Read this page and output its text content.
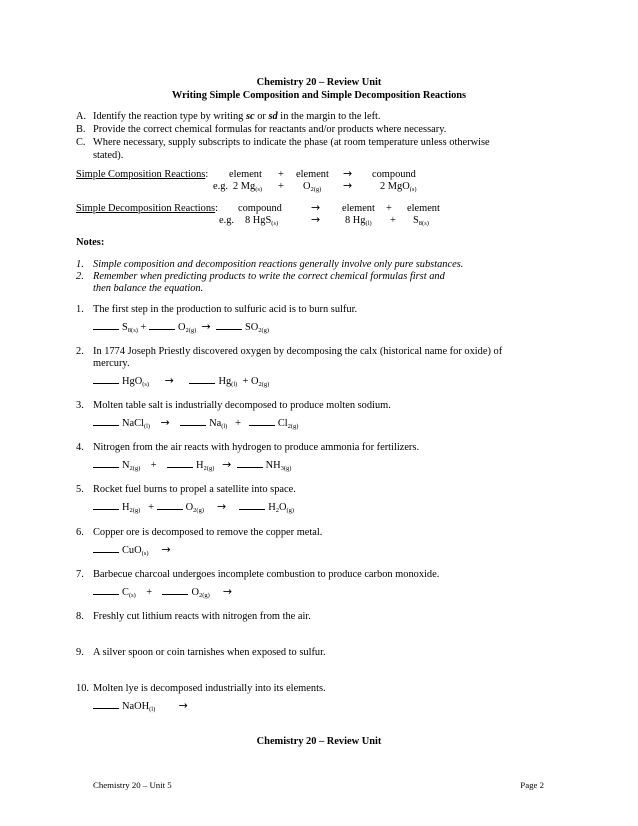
Chemistry 20 – Review Unit
Writing Simple Composition and Simple Decomposition Reactions
A. Identify the reaction type by writing sc or sd in the margin to the left.
B. Provide the correct chemical formulas for reactants and/or products where necessary.
C. Where necessary, supply subscripts to indicate the phase (at room temperature unless otherwise
stated).
Simple Composition Reactions: element + element → compound
e.g. 2 $Mg_{(s)} + O_{2(g)}$ →	2 MgO$_{(s)}$
Simple Decomposition Reactions: compound	→ element + element
e.g. 8 HgS$_{(s)}$	→ 8 $Hg_{(l)} + S_{8(s)}$
Notes:
1. Simple composition and decomposition reactions generally involve only pure substances.
2. Remember when predicting products to write the correct chemical formulas first and
then balance the equation.
1. The first step in the production to sulfuric acid is to burn sulfur.
$S_{8(s)}$ +	$O_{2(g)}$ →	$SO_{2(g)}$
2. In 1774 Joseph Priestly discovered oxygen by decomposing the calx (historical name for oxide) of
mercury.
HgO$_{(s)}$ →	$Hg_{(l)} + O_{2(g)}$
3. Molten table salt is industrially decomposed to produce molten sodium.
NaCl$_{(l)}$ →	$Na_{(l)}$ +	$Cl_{2(g)}$
4. Nitrogen from the air reacts with hydrogen to produce ammonia for fertilizers.
$N_{2(g)}$ +	$H_{2(g)}$ →	$NH_{3(g)}$
5. Rocket fuel burns to propel a satellite into space.
$H_{2(g)}$ +	$O_{2(g)}$ →	$H_2O_{(g)}$
6. Copper ore is decomposed to remove the copper metal.
CuO$_{(s)}$ →
7. Barbecue charcoal undergoes incomplete combustion to produce carbon monoxide.
$C_{(s)}$ +	$O_{2(g)}$ →
8. Freshly cut lithium reacts with nitrogen from the air.
9. A silver spoon or coin tarnishes when exposed to sulfur.
10. Molten lye is decomposed industrially into its elements.
NaOH$_{(l)}$ →
Chemistry 20 – Review Unit
Chemistry 20 – Unit 5	Page 2
